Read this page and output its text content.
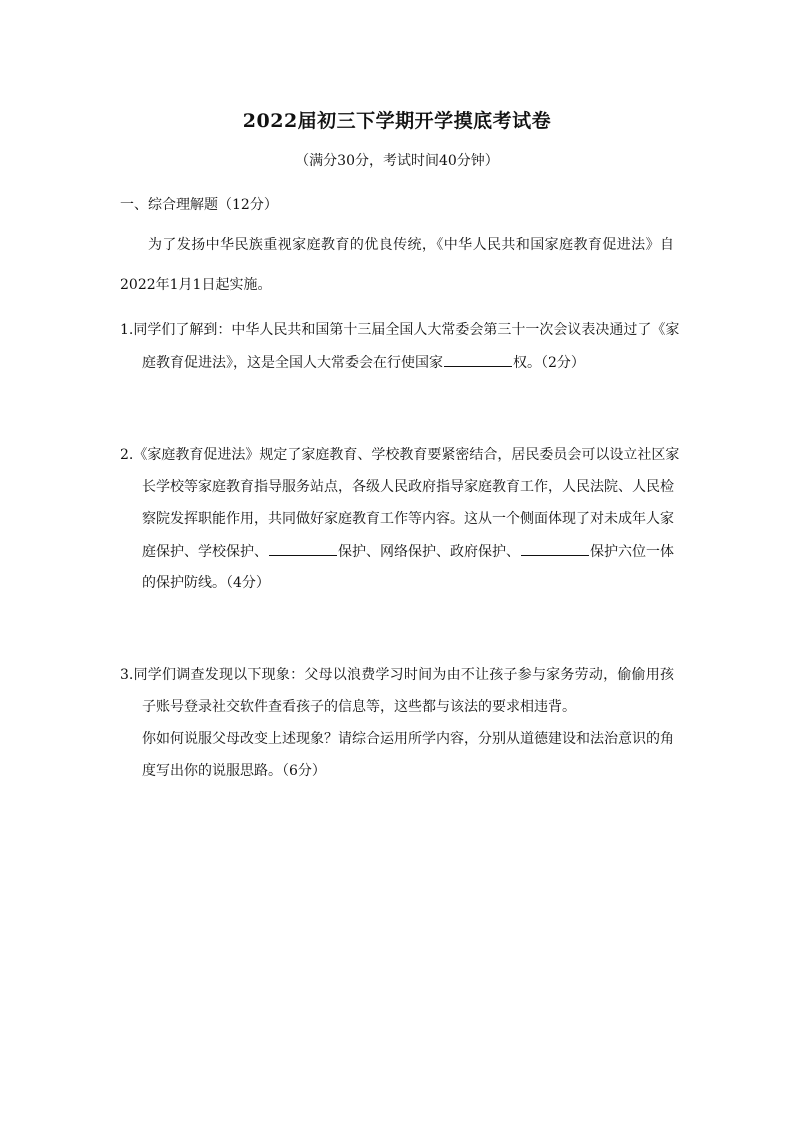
2022届初三下学期开学摸底考试卷
（满分30分，考试时间40分钟）
一、综合理解题（12分）
为了发扬中华民族重视家庭教育的优良传统，《中华人民共和国家庭教育促进法》自
2022年1月1日起实施。
1.同学们了解到：中华人民共和国第十三届全国人大常委会第三十一次会议表决通过了《家
庭教育促进法》，这是全国人大常委会在行使国家	权。（2分）
2.《家庭教育促进法》规定了家庭教育、学校教育要紧密结合，居民委员会可以设立社区家
长学校等家庭教育指导服务站点，各级人民政府指导家庭教育工作，人民法院、人民检
察院发挥职能作用，共同做好家庭教育工作等内容。这从一个侧面体现了对未成年人家
庭保护、学校保护、	保护、网络保护、政府保护、	保护六位一体
的保护防线。（4分）
3.同学们调查发现以下现象：父母以浪费学习时间为由不让孩子参与家务劳动，偷偷用孩
子账号登录社交软件查看孩子的信息等，这些都与该法的要求相违背。
你如何说服父母改变上述现象？请综合运用所学内容，分别从道德建设和法治意识的角
度写出你的说服思路。（6分）
